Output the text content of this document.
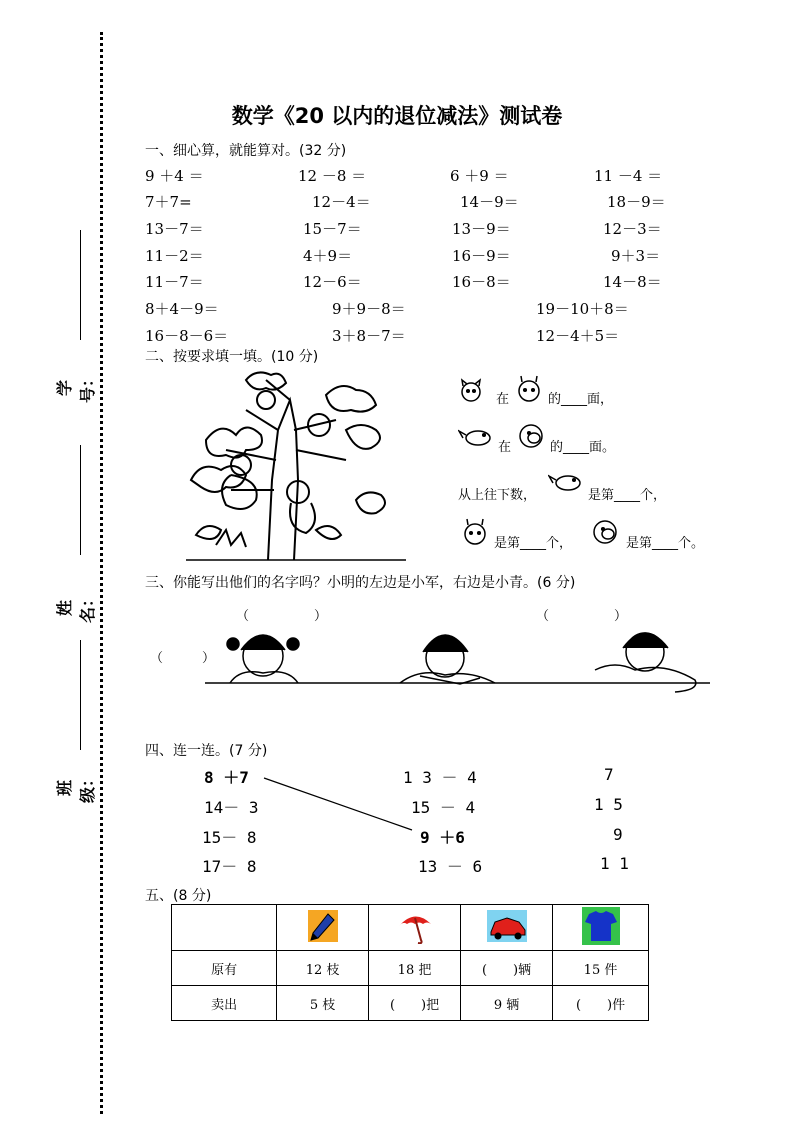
学号：
姓名：
班级：
数学《20 以内的退位减法》测试卷
一、细心算，就能算对。(32 分)
9 ＋4 ＝	12 －8 ＝	6 ＋9 ＝	11 －4 ＝
7＋7=	12－4＝	14－9＝	18－9＝
13－7＝	15－7＝	13－9＝	12－3＝
11－2＝	4＋9＝	16－9＝	9＋3＝
11－7＝	12－6＝	16－8＝	14－8＝
8＋4－9＝	9＋9－8＝	19－10＋8＝
16－8－6＝	3＋8－7＝	12－4＋5＝
二、按要求填一填。(10 分)
在	的____面，
在	的____面。
从上往下数，	是第____个，
是第____个，	是第____个。
三、你能写出他们的名字吗？小明的左边是小军，右边是小青。(6 分)
（　　　　　）	（　　　　　）
（　　　）
四、连一连。(7 分)
8 ＋7
14－ 3
15－ 8
17－ 8
1 3 － 4
15 － 4
9 ＋6
13 － 6
7
1 5
9
1 1
五、(8 分)

原有	12 枝	18 把	(　　)辆	15 件
卖出	5 枝	(　　)把	9 辆	(　　)件
